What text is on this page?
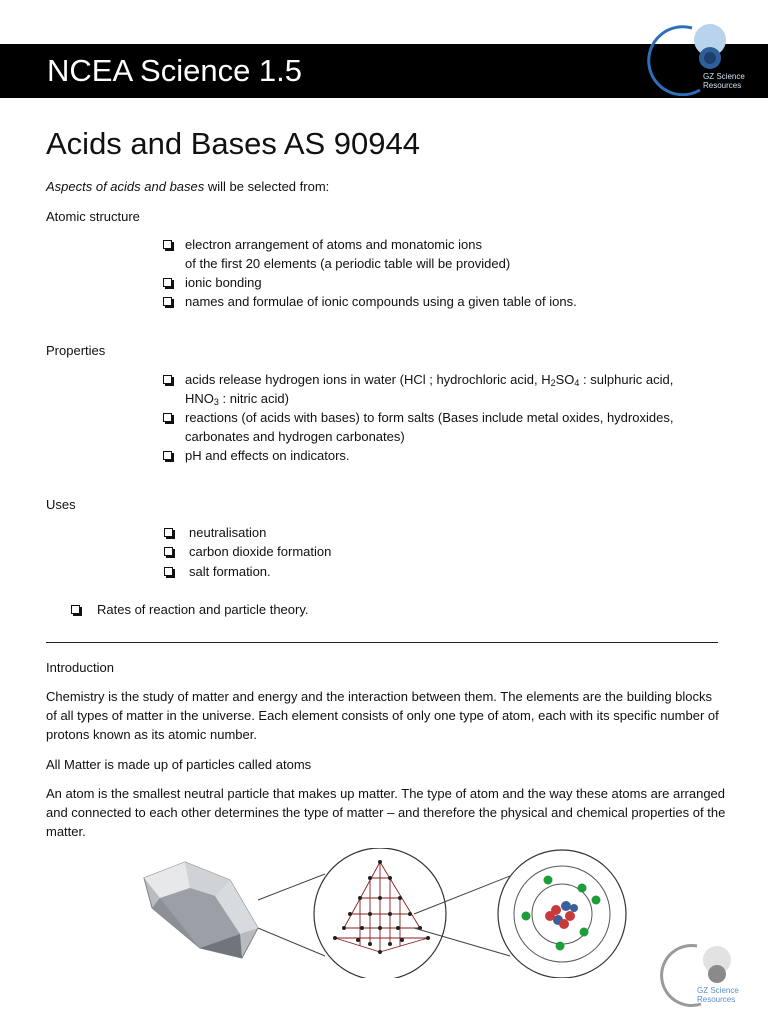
NCEA Science 1.5	GZ Science
Resources
Acids and Bases AS 90944
Aspects of acids and bases will be selected from:
Atomic structure
electron arrangement of atoms and monatomic ions
of the first 20 elements (a periodic table will be provided)
ionic bonding
names and formulae of ionic compounds using a given table of ions.
Properties
acids release hydrogen ions in water (HCl ; hydrochloric acid, $H_2SO_4$ : sulphuric acid,
$HNO_3$ : nitric acid)
reactions (of acids with bases) to form salts (Bases include metal oxides, hydroxides,
carbonates and hydrogen carbonates)
pH and effects on indicators.
Uses
neutralisation
carbon dioxide formation
salt formation.
Rates of reaction and particle theory.
Introduction
Chemistry is the study of matter and energy and the interaction between them. The elements are the building blocks of all types of matter in the universe. Each element consists of only one type of atom, each with its specific number of protons known as its atomic number.
All Matter is made up of particles called atoms
An atom is the smallest neutral particle that makes up matter. The type of atom and the way these atoms are arranged and connected to each other determines the type of matter – and therefore the physical and chemical properties of the matter.
GZ Science
Resources
